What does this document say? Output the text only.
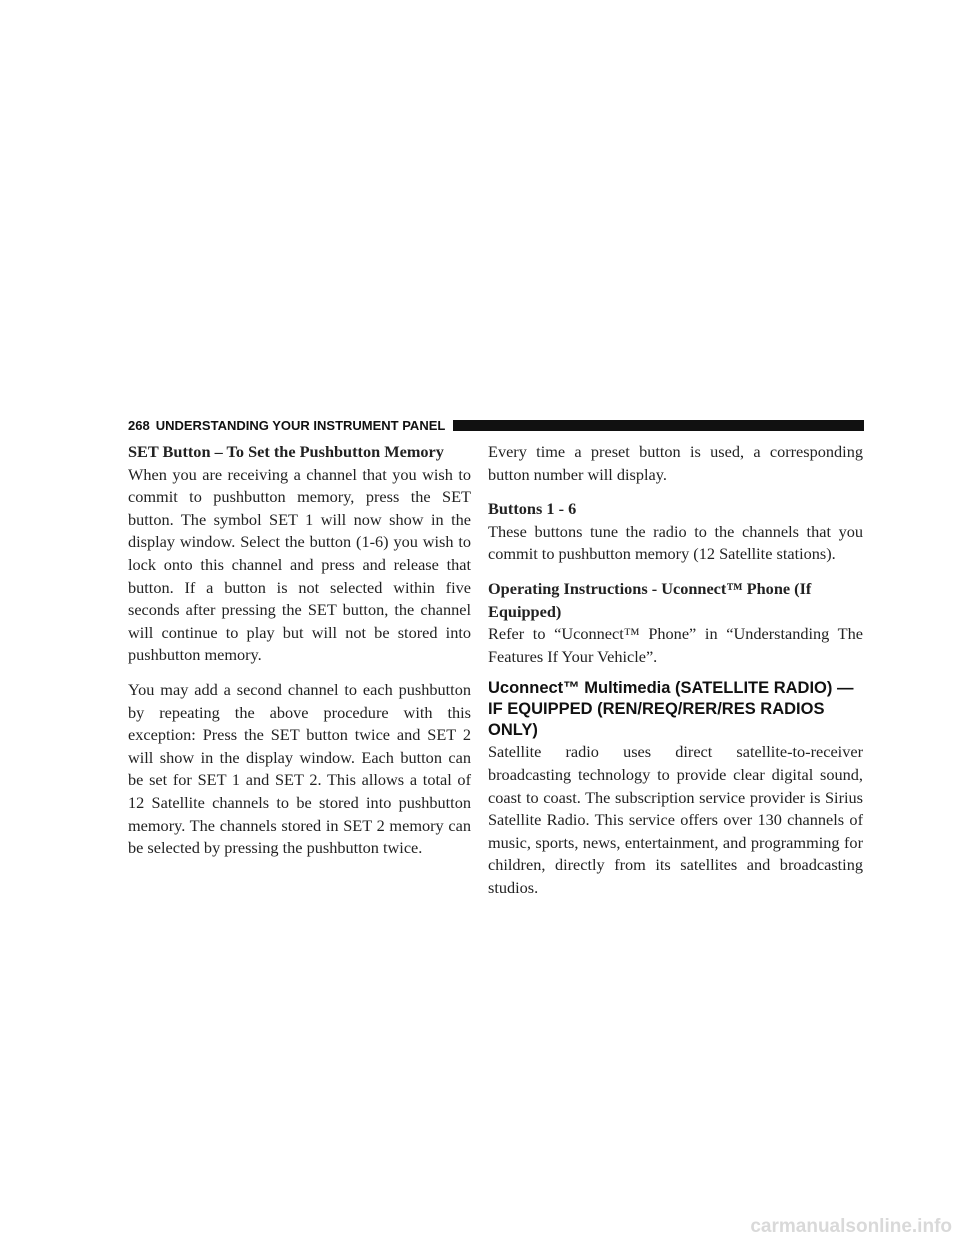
268 UNDERSTANDING YOUR INSTRUMENT PANEL
SET Button – To Set the Pushbutton Memory

When you are receiving a channel that you wish to commit to pushbutton memory, press the SET button. The symbol SET 1 will now show in the display window. Select the button (1-6) you wish to lock onto this channel and press and release that button. If a button is not selected within five seconds after pressing the SET button, the channel will continue to play but will not be stored into pushbutton memory.

You may add a second channel to each pushbutton by repeating the above procedure with this exception: Press the SET button twice and SET 2 will show in the display window. Each button can be set for SET 1 and SET 2. This allows a total of 12 Satellite channels to be stored into pushbutton memory. The channels stored in SET 2 memory can be selected by pressing the pushbutton twice.

Every time a preset button is used, a corresponding button number will display.

Buttons 1 - 6

These buttons tune the radio to the channels that you commit to pushbutton memory (12 Satellite stations).

Operating Instructions - Uconnect™ Phone (If Equipped)

Refer to “Uconnect™ Phone” in “Understanding The Features If Your Vehicle”.

Uconnect™ Multimedia (SATELLITE RADIO) — IF EQUIPPED (REN/REQ/RER/RES RADIOS ONLY)

Satellite radio uses direct satellite-to-receiver broadcasting technology to provide clear digital sound, coast to coast. The subscription service provider is Sirius Satellite Radio. This service offers over 130 channels of music, sports, news, entertainment, and programming for children, directly from its satellites and broadcasting studios.

carmanualsonline.info
